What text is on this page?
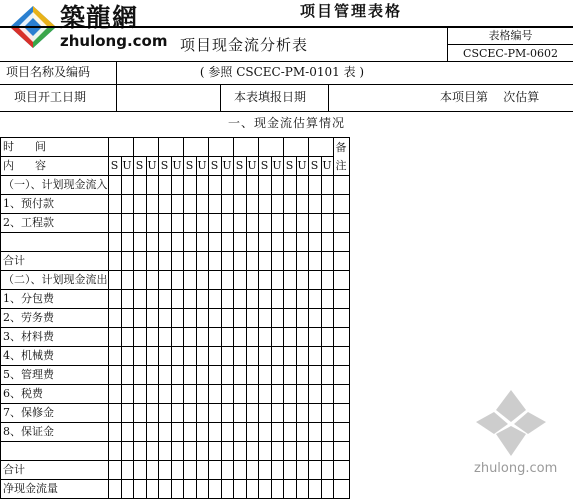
築龍網
zhulong.com
项目管理表格
项目现金流分析表
表格编号
CSCEC-PM-0602
项目名称及编码	( 参照 CSCEC-PM-0101 表 )
项目开工日期	本表填报日期	本项目第    次估算
一、现金流估算情况
时      间																			备注
内      容	S	U	S	U	S	U	S	U	S	U	S	U	S	U	S	U	S	U	
（一）、计划现金流入																			
1、预付款																			
2、工程款																			

合计																			
（二）、计划现金流出																			
1、分包费																			
2、劳务费																			
3、材料费																			
4、机械费																			
5、管理费																			
6、税费																			
7、保修金																			
8、保证金																			

合计																			
净现金流量																			
zhulong.com
